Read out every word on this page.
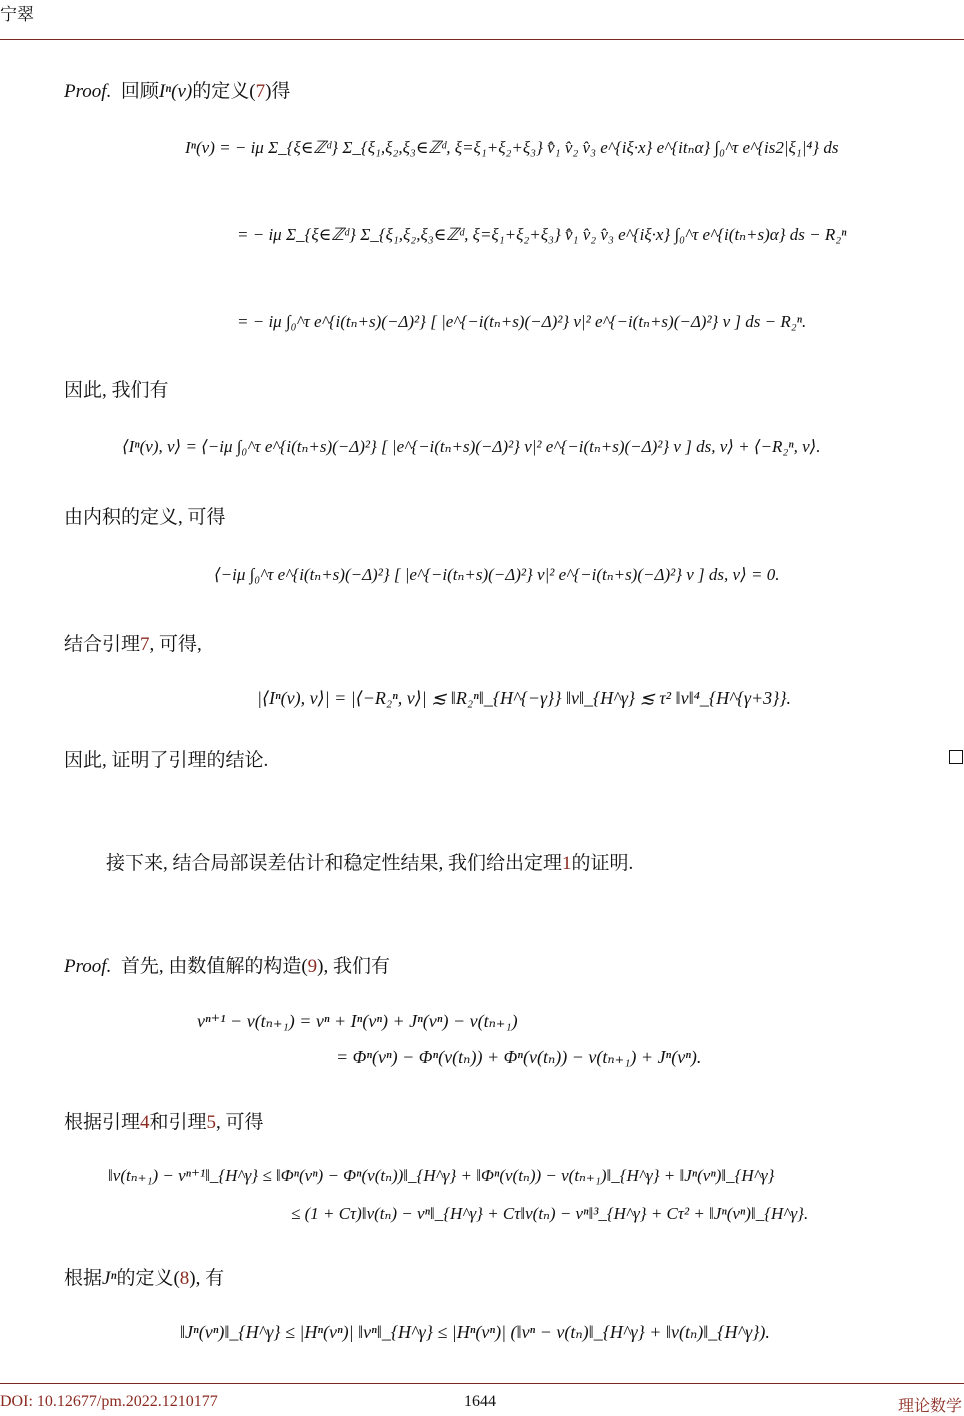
宁翠
Proof. 回顾Iⁿ(v)的定义(7)得
Iⁿ(v) = − iμ Σ_{ξ∈ℤᵈ} Σ_{ξ₁,ξ₂,ξ₃∈ℤᵈ, ξ=ξ₁+ξ₂+ξ₃} v̄̂₁ v̂₂ v̂₃ e^{iξ·x} e^{itₙα} ∫₀^τ e^{is2|ξ₁|⁴} ds
= − iμ Σ_{ξ∈ℤᵈ} Σ_{ξ₁,ξ₂,ξ₃∈ℤᵈ, ξ=ξ₁+ξ₂+ξ₃} v̄̂₁ v̂₂ v̂₃ e^{iξ·x} ∫₀^τ e^{i(tₙ+s)α} ds − R₂ⁿ
= − iμ ∫₀^τ e^{i(tₙ+s)(−Δ)²} [ |e^{−i(tₙ+s)(−Δ)²} v|² e^{−i(tₙ+s)(−Δ)²} v ] ds − R₂ⁿ.
因此, 我们有
⟨Iⁿ(v), v⟩ = ⟨−iμ ∫₀^τ e^{i(tₙ+s)(−Δ)²} [ |e^{−i(tₙ+s)(−Δ)²} v|² e^{−i(tₙ+s)(−Δ)²} v ] ds, v⟩ + ⟨−R₂ⁿ, v⟩.
由内积的定义, 可得
⟨−iμ ∫₀^τ e^{i(tₙ+s)(−Δ)²} [ |e^{−i(tₙ+s)(−Δ)²} v|² e^{−i(tₙ+s)(−Δ)²} v ] ds, v⟩ = 0.
结合引理7, 可得,
|⟨Iⁿ(v), v⟩| = |⟨−R₂ⁿ, v⟩| ≲ ‖R₂ⁿ‖_{H^{−γ}} ‖v‖_{H^γ} ≲ τ² ‖v‖⁴_{H^{γ+3}}.
因此, 证明了引理的结论.
接下来, 结合局部误差估计和稳定性结果, 我们给出定理1的证明.
Proof. 首先, 由数值解的构造(9), 我们有
vⁿ⁺¹ − v(tₙ₊₁) = vⁿ + Iⁿ(vⁿ) + Jⁿ(vⁿ) − v(tₙ₊₁)
= Φⁿ(vⁿ) − Φⁿ(v(tₙ)) + Φⁿ(v(tₙ)) − v(tₙ₊₁) + Jⁿ(vⁿ).
根据引理4和引理5, 可得
‖v(tₙ₊₁) − vⁿ⁺¹‖_{H^γ} ≤ ‖Φⁿ(vⁿ) − Φⁿ(v(tₙ))‖_{H^γ} + ‖Φⁿ(v(tₙ)) − v(tₙ₊₁)‖_{H^γ} + ‖Jⁿ(vⁿ)‖_{H^γ}
≤ (1 + Cτ)‖v(tₙ) − vⁿ‖_{H^γ} + Cτ‖v(tₙ) − vⁿ‖³_{H^γ} + Cτ² + ‖Jⁿ(vⁿ)‖_{H^γ}.
根据Jⁿ的定义(8), 有
‖Jⁿ(vⁿ)‖_{H^γ} ≤ |Hⁿ(vⁿ)| ‖vⁿ‖_{H^γ} ≤ |Hⁿ(vⁿ)| (‖vⁿ − v(tₙ)‖_{H^γ} + ‖v(tₙ)‖_{H^γ}).
DOI: 10.12677/pm.2022.1210177	1644	理论数学
